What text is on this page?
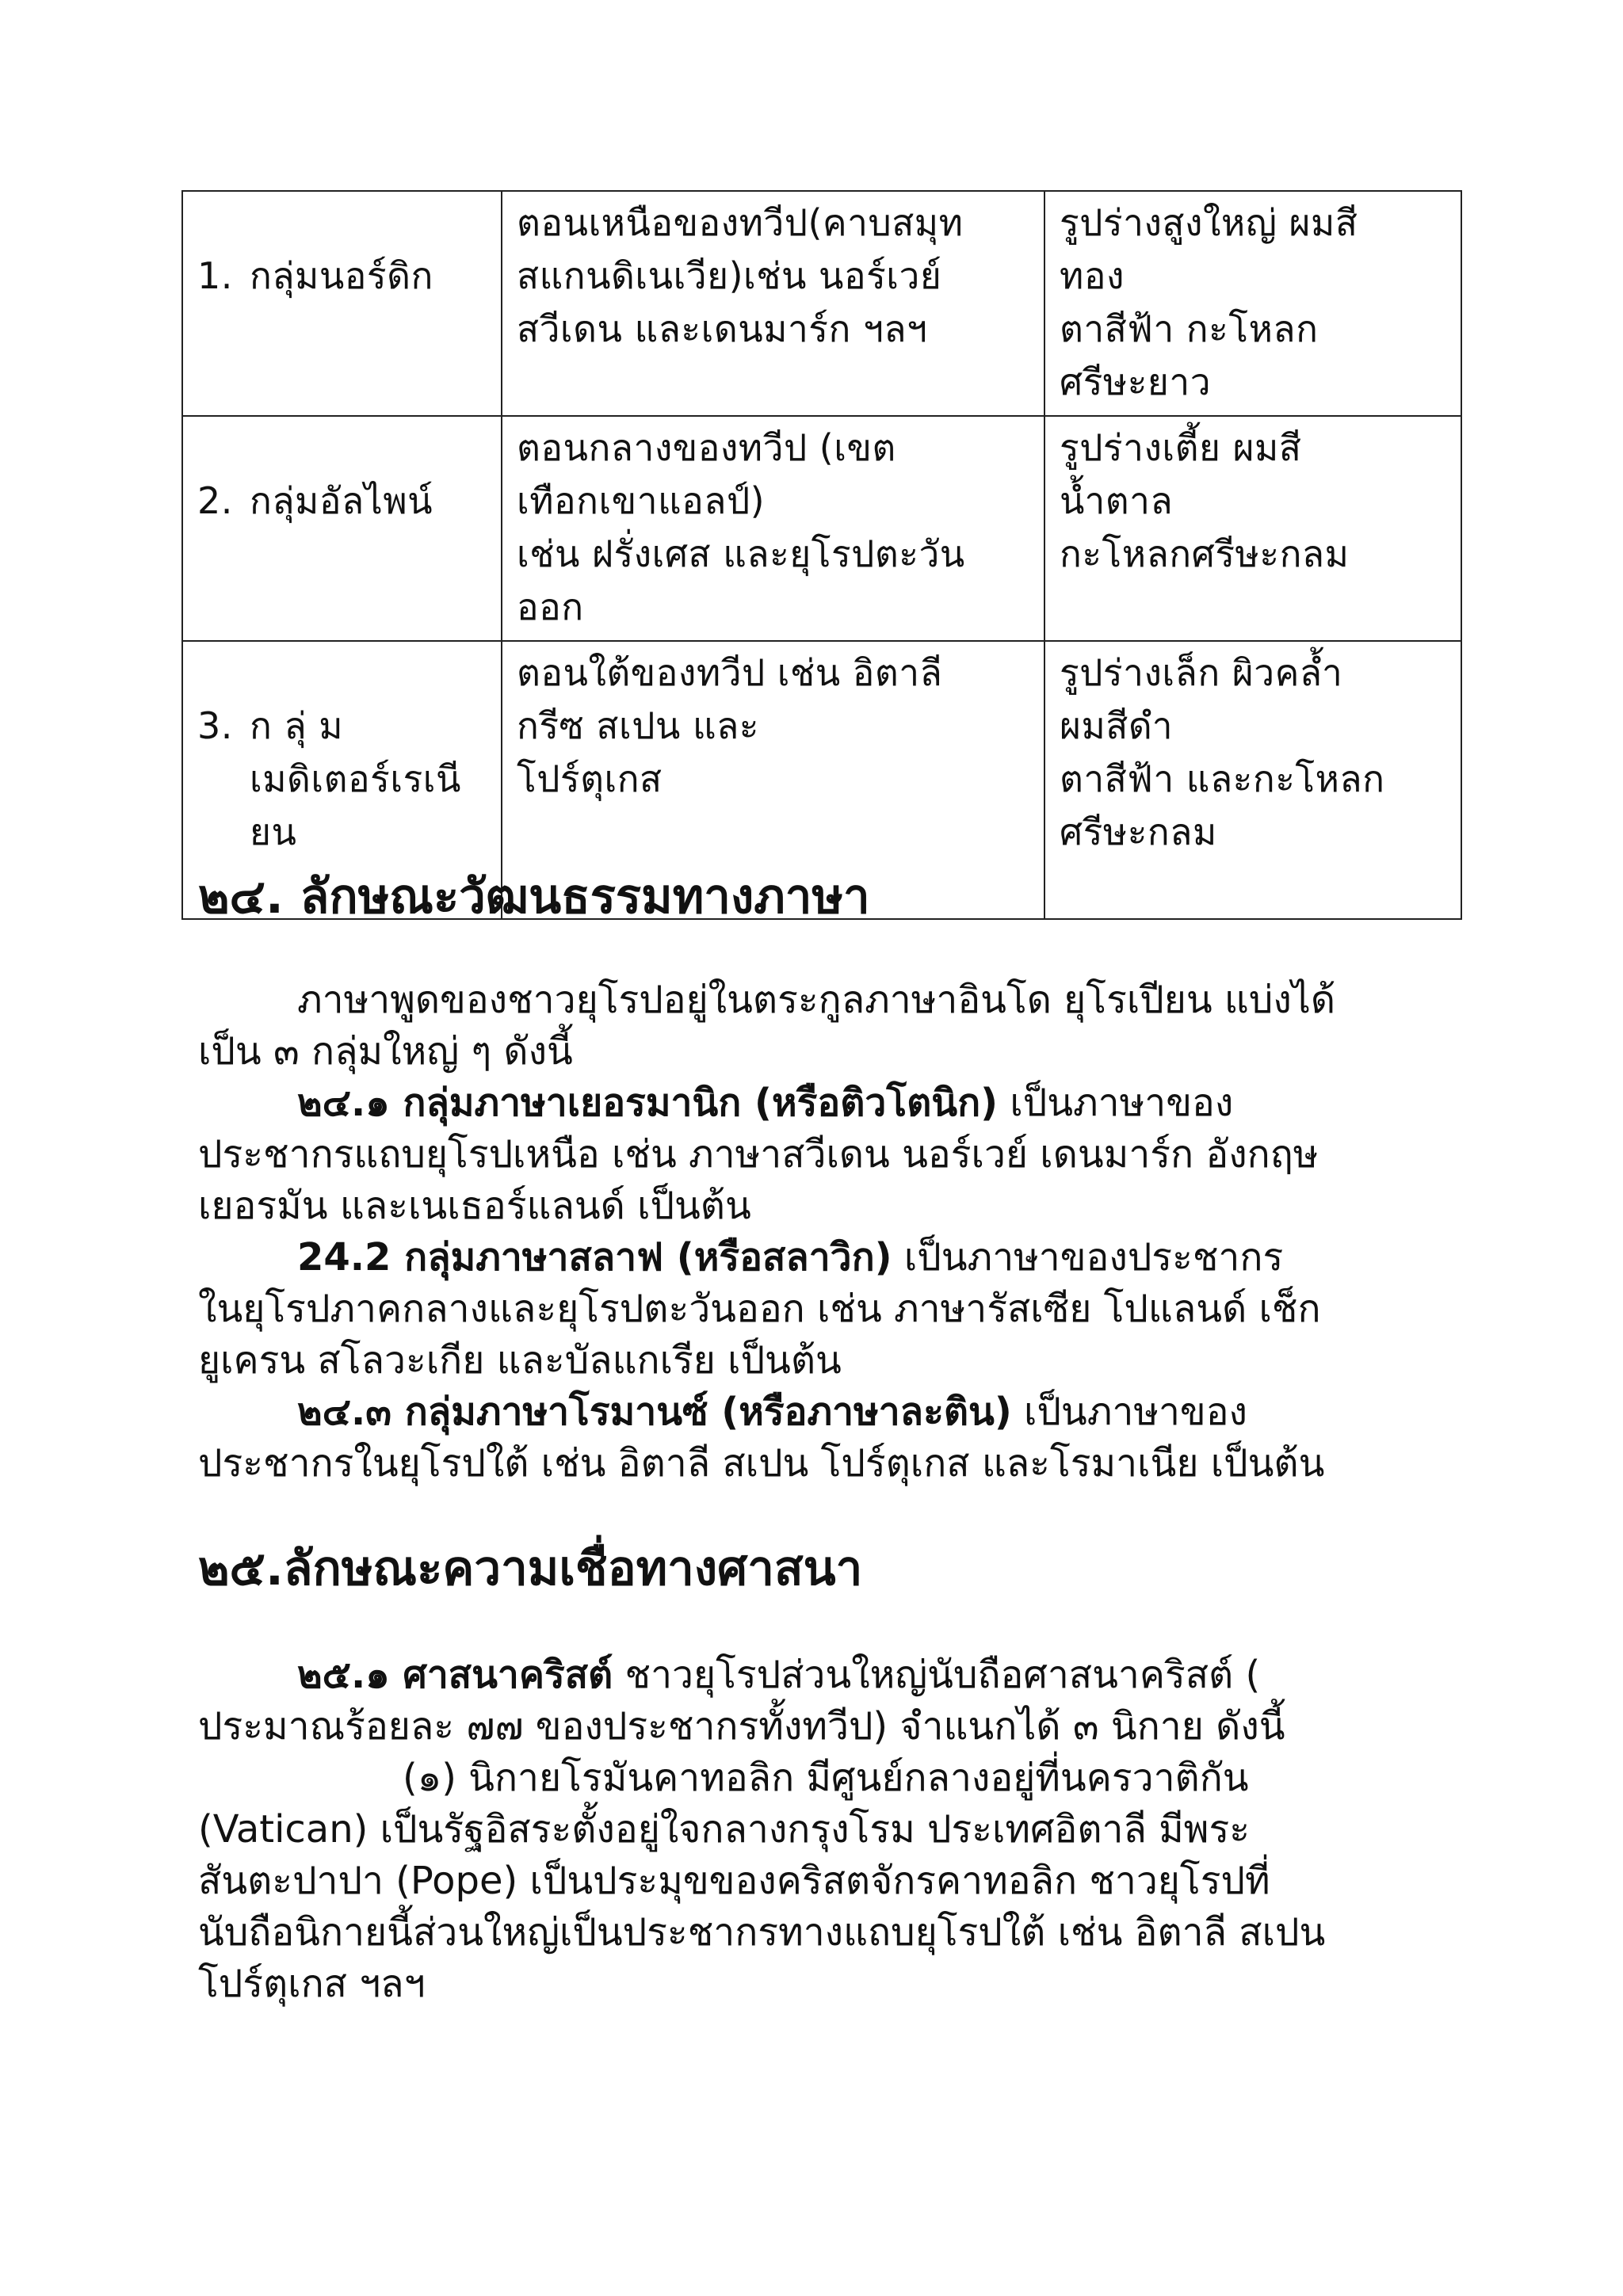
1. กลุ่มนอร์ดิก	ตอนเหนือของทวีป(คาบสมุท
สแกนดิเนเวีย)เช่น นอร์เวย์
สวีเดน และเดนมาร์ก ฯลฯ	รูปร่างสูงใหญ่ ผมสี
ทอง
ตาสีฟ้า กะโหลก
ศรีษะยาว

2. กลุ่มอัลไพน์	ตอนกลางของทวีป (เขต
เทือกเขาแอลป์)
เช่น ฝรั่งเศส และยุโรปตะวัน
ออก	รูปร่างเตี้ย ผมสี
น้ำตาล
กะโหลกศรีษะกลม

3. ก ลุ่ ม
เมดิเตอร์เรเนี
ยน	ตอนใต้ของทวีป เช่น อิตาลี
กรีซ สเปน และ
โปร์ตุเกส	รูปร่างเล็ก ผิวคล้ำ
ผมสีดำ
ตาสีฟ้า และกะโหลก
ศรีษะกลม
๒๔. ลักษณะวัฒนธรรมทางภาษา
ภาษาพูดของชาวยุโรปอยู่ในตระกูลภาษาอินโด ยุโรเปียน แบ่งได้
เป็น ๓ กลุ่มใหญ่ ๆ ดังนี้
๒๔.๑ กลุ่มภาษาเยอรมานิก (หรือติวโตนิก) เป็นภาษาของ
ประชากรแถบยุโรปเหนือ เช่น ภาษาสวีเดน นอร์เวย์ เดนมาร์ก อังกฤษ
เยอรมัน และเนเธอร์แลนด์ เป็นต้น
24.2 กลุ่มภาษาสลาฟ (หรือสลาวิก) เป็นภาษาของประชากร
ในยุโรปภาคกลางและยุโรปตะวันออก เช่น ภาษารัสเซีย โปแลนด์ เช็ก
ยูเครน สโลวะเกีย และบัลแกเรีย เป็นต้น
๒๔.๓ กลุ่มภาษาโรมานซ์ (หรือภาษาละติน) เป็นภาษาของ
ประชากรในยุโรปใต้ เช่น อิตาลี สเปน โปร์ตุเกส และโรมาเนีย เป็นต้น
๒๕.ลักษณะความเชื่อทางศาสนา
๒๕.๑ ศาสนาคริสต์ ชาวยุโรปส่วนใหญ่นับถือศาสนาคริสต์ (
ประมาณร้อยละ ๗๗ ของประชากรทั้งทวีป) จำแนกได้ ๓ นิกาย ดังนี้
(๑) นิกายโรมันคาทอลิก มีศูนย์กลางอยู่ที่นครวาติกัน
(Vatican) เป็นรัฐอิสระตั้งอยู่ใจกลางกรุงโรม ประเทศอิตาลี มีพระ
สันตะปาปา (Pope) เป็นประมุขของคริสตจักรคาทอลิก ชาวยุโรปที่
นับถือนิกายนี้ส่วนใหญ่เป็นประชากรทางแถบยุโรปใต้ เช่น อิตาลี สเปน
โปร์ตุเกส ฯลฯ
